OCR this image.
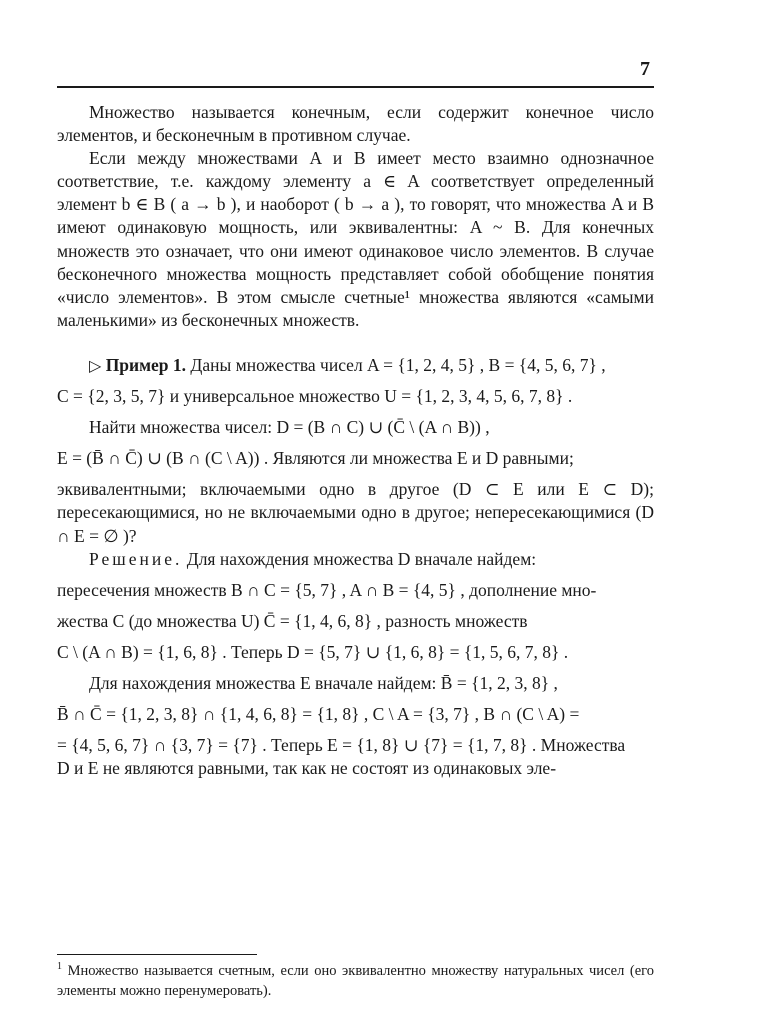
7

Множество называется конечным, если содержит конечное число элементов, и бесконечным в противном случае.

Если между множествами A и B имеет место взаимно однозначное соответствие, т.е. каждому элементу a ∈ A соответствует определенный элемент b ∈ B ( a → b ), и наоборот ( b → a ), то говорят, что множества A и B имеют одинаковую мощность, или эквивалентны: A ~ B. Для конечных множеств это означает, что они имеют одинаковое число элементов. В случае бесконечного множества мощность представляет собой обобщение понятия «число элементов». В этом смысле счетные¹ множества являются «самыми маленькими» из бесконечных множеств.

▷ Пример 1. Даны множества чисел A = {1, 2, 4, 5} , B = {4, 5, 6, 7} ,

C = {2, 3, 5, 7} и универсальное множество U = {1, 2, 3, 4, 5, 6, 7, 8} .

Найти множества чисел: D = (B ∩ C) ∪ (C̄ \ (A ∩ B)) ,

E = (B̄ ∩ C̄) ∪ (B ∩ (C \ A)) . Являются ли множества E и D равными;

эквивалентными; включаемыми одно в другое (D ⊂ E или E ⊂ D); пересекающимися, но не включаемыми одно в другое; непересекающимися (D ∩ E = ∅ )?

Решение. Для нахождения множества D вначале найдем:

пересечения множеств B ∩ C = {5, 7} , A ∩ B = {4, 5} , дополнение мно-

жества C (до множества U) C̄ = {1, 4, 6, 8} , разность множеств

C \ (A ∩ B) = {1, 6, 8} . Теперь D = {5, 7} ∪ {1, 6, 8} = {1, 5, 6, 7, 8} .

Для нахождения множества E вначале найдем: B̄ = {1, 2, 3, 8} ,

B̄ ∩ C̄ = {1, 2, 3, 8} ∩ {1, 4, 6, 8} = {1, 8} , C \ A = {3, 7} , B ∩ (C \ A) =

= {4, 5, 6, 7} ∩ {3, 7} = {7} . Теперь E = {1, 8} ∪ {7} = {1, 7, 8} . Множества

D и E не являются равными, так как не состоят из одинаковых эле-

$^1$ Множество называется счетным, если оно эквивалентно множеству натуральных чисел (его элементы можно перенумеровать).
